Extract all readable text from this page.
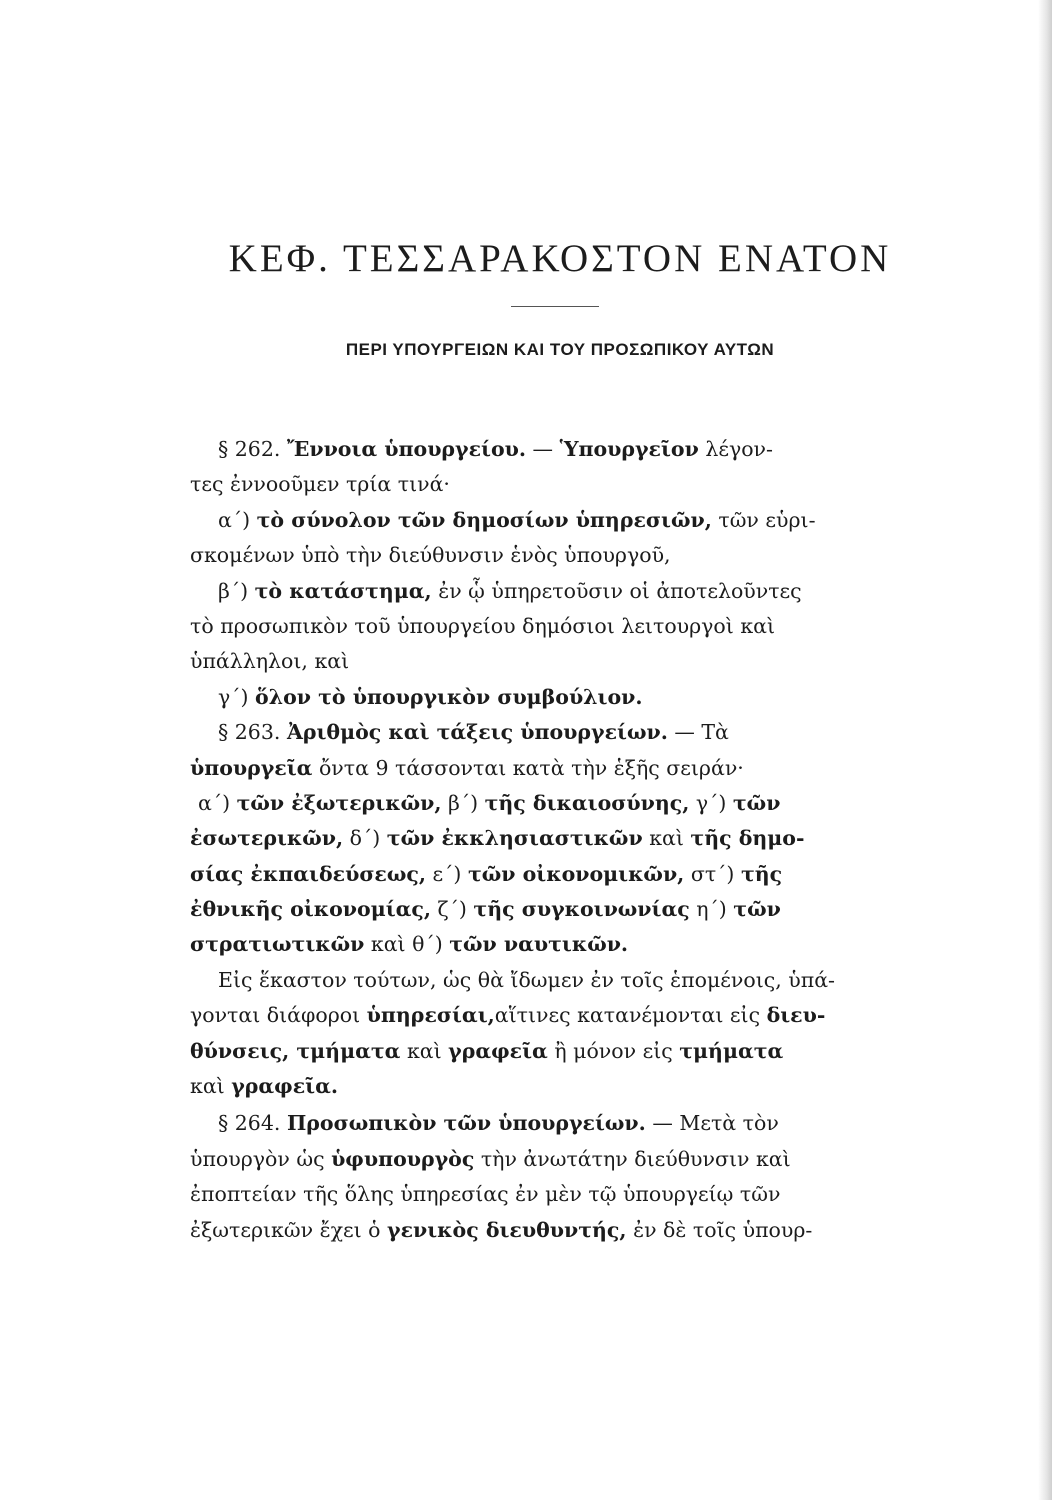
ΚΕΦ. ΤΕΣΣΑΡΑΚΟΣΤΟΝ ΕΝΑΤΟΝ
ΠΕΡΙ ΥΠΟΥΡΓΕΙΩΝ ΚΑΙ ΤΟΥ ΠΡΟΣΩΠΙΚΟΥ ΑΥΤΩΝ
§ 262. Ἔννοια ὑπουργείου. — Ὑπουργεῖον λέγον-
τες ἐννοοῦμεν τρία τινά·
α΄) τὸ σύνολον τῶν δημοσίων ὑπηρεσιῶν, τῶν εὑρι-
σκομένων ὑπὸ τὴν διεύθυνσιν ἑνὸς ὑπουργοῦ,
β΄) τὸ κατάστημα, ἐν ᾧ ὑπηρετοῦσιν οἱ ἀποτελοῦντες
τὸ προσωπικὸν τοῦ ὑπουργείου δημόσιοι λειτουργοὶ καὶ
ὑπάλληλοι, καὶ
γ΄) ὅλον τὸ ὑπουργικὸν συμβούλιον.
§ 263. Ἀριθμὸς καὶ τάξεις ὑπουργείων. — Τὰ
ὑπουργεῖα ὄντα 9 τάσσονται κατὰ τὴν ἑξῆς σειράν·
α΄) τῶν ἐξωτερικῶν, β΄) τῆς δικαιοσύνης, γ΄) τῶν
ἐσωτερικῶν, δ΄) τῶν ἐκκλησιαστικῶν καὶ τῆς δημο-
σίας ἐκπαιδεύσεως, ε΄) τῶν οἰκονομικῶν, στ΄) τῆς
ἐθνικῆς οἰκονομίας, ζ΄) τῆς συγκοινωνίας η΄) τῶν
στρατιωτικῶν καὶ θ΄) τῶν ναυτικῶν.
Εἰς ἕκαστον τούτων, ὡς θὰ ἴδωμεν ἐν τοῖς ἑπομένοις, ὑπά-
γονται διάφοροι ὑπηρεσίαι,αἵτινες κατανέμονται εἰς διευ-
θύνσεις, τμήματα καὶ γραφεῖα ἢ μόνον εἰς τμήματα
καὶ γραφεῖα.
§ 264. Προσωπικὸν τῶν ὑπουργείων. — Μετὰ τὸν
ὑπουργὸν ὡς ὑφυπουργὸς τὴν ἀνωτάτην διεύθυνσιν καὶ
ἐποπτείαν τῆς ὅλης ὑπηρεσίας ἐν μὲν τῷ ὑπουργείῳ τῶν
ἐξωτερικῶν ἔχει ὁ γενικὸς διευθυντής, ἐν δὲ τοῖς ὑπουρ-
